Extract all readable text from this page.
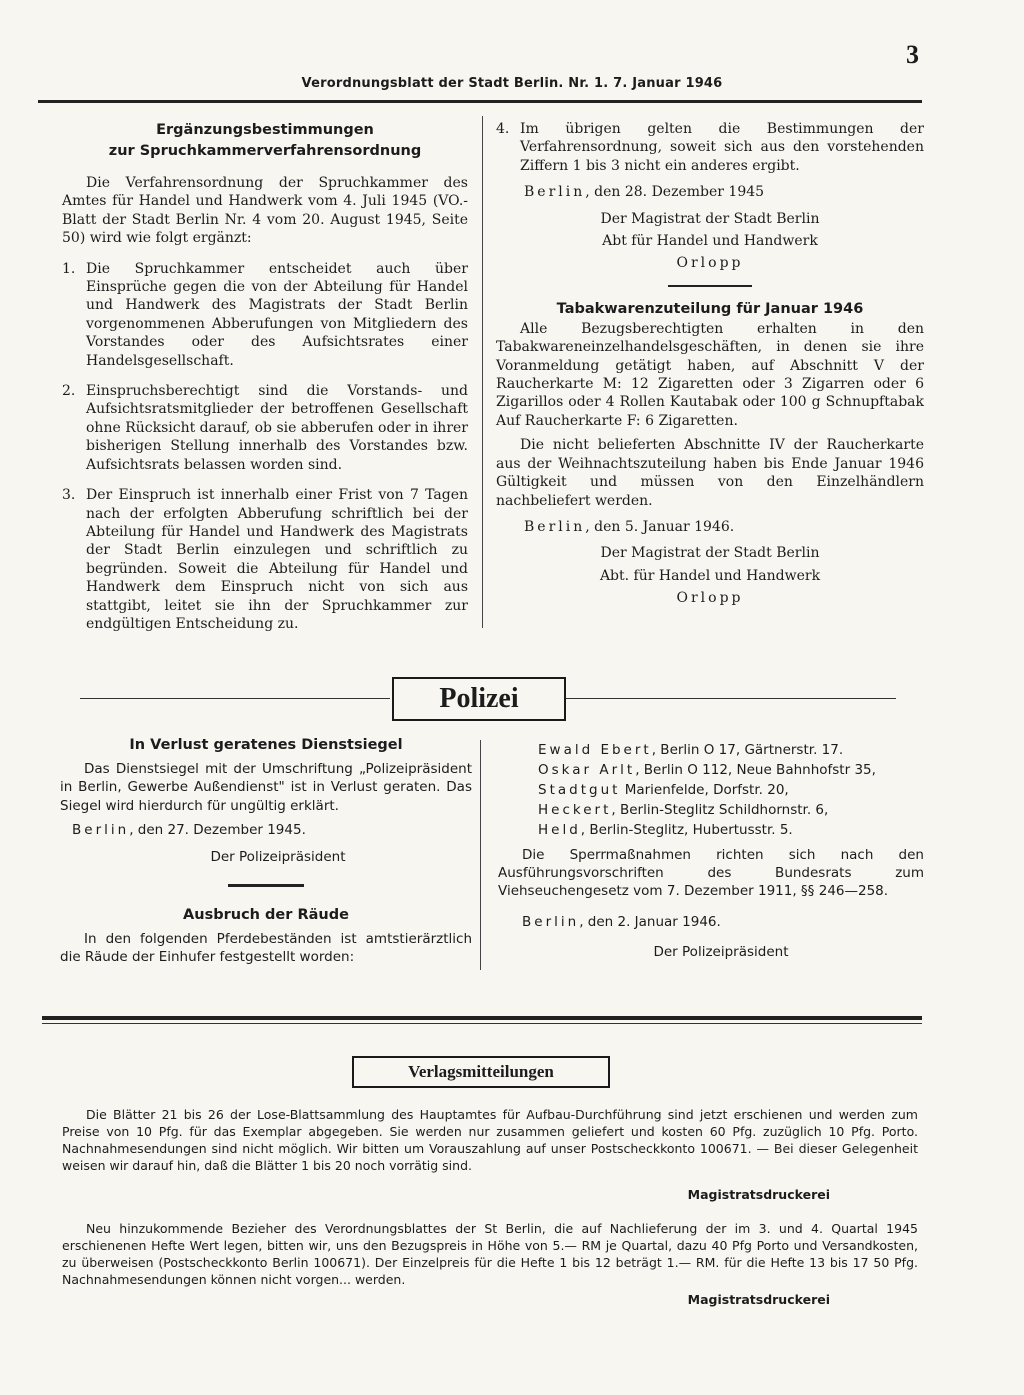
3
Verordnungsblatt der Stadt Berlin. Nr. 1. 7. Januar 1946
Ergänzungsbestimmungen
zur Spruchkammerverfahrensordnung

Die Verfahrensordnung der Spruchkammer des Amtes für Handel und Handwerk vom 4. Juli 1945 (VO.-Blatt der Stadt Berlin Nr. 4 vom 20. August 1945, Seite 50) wird wie folgt ergänzt:

1. Die Spruchkammer entscheidet auch über Einsprüche gegen die von der Abteilung für Handel und Handwerk des Magistrats der Stadt Berlin vorgenommenen Abberufungen von Mitgliedern des Vorstandes oder des Aufsichtsrates einer Handelsgesellschaft.

2. Einspruchsberechtigt sind die Vorstands- und Aufsichtsratsmitglieder der betroffenen Gesellschaft ohne Rücksicht darauf, ob sie abberufen oder in ihrer bisherigen Stellung innerhalb des Vorstandes bzw. Aufsichtsrats belassen worden sind.

3. Der Einspruch ist innerhalb einer Frist von 7 Tagen nach der erfolgten Abberufung schriftlich bei der Abteilung für Handel und Handwerk des Magistrats der Stadt Berlin einzulegen und schriftlich zu begründen. Soweit die Abteilung für Handel und Handwerk dem Einspruch nicht von sich aus stattgibt, leitet sie ihn der Spruchkammer zur endgültigen Entscheidung zu.

4. Im übrigen gelten die Bestimmungen der Verfahrensordnung, soweit sich aus den vorstehenden Ziffern 1 bis 3 nicht ein anderes ergibt.

Berlin, den 28. Dezember 1945

Der Magistrat der Stadt Berlin

Abt für Handel und Handwerk

Orlopp

Tabakwarenzuteilung für Januar 1946

Alle Bezugsberechtigten erhalten in den Tabakwareneinzelhandelsgeschäften, in denen sie ihre Voranmeldung getätigt haben, auf Abschnitt V der Raucherkarte M: 12 Zigaretten oder 3 Zigarren oder 6 Zigarillos oder 4 Rollen Kautabak oder 100 g Schnupftabak Auf Raucherkarte F: 6 Zigaretten.

Die nicht belieferten Abschnitte IV der Raucherkarte aus der Weihnachtszuteilung haben bis Ende Januar 1946 Gültigkeit und müssen von den Einzelhändlern nachbeliefert werden.

Berlin, den 5. Januar 1946.

Der Magistrat der Stadt Berlin

Abt. für Handel und Handwerk

Orlopp

Polizei
In Verlust geratenes Dienstsiegel

Das Dienstsiegel mit der Umschriftung „Polizeipräsident in Berlin, Gewerbe Außendienst" ist in Verlust geraten. Das Siegel wird hierdurch für ungültig erklärt.

Berlin, den 27. Dezember 1945.

Der Polizeipräsident

Ausbruch der Räude

In den folgenden Pferdebeständen ist amtstierärztlich die Räude der Einhufer festgestellt worden:

Ewald Ebert, Berlin O 17, Gärtnerstr. 17.

Oskar Arlt, Berlin O 112, Neue Bahnhofstr 35,

Stadtgut Marienfelde, Dorfstr. 20,

Heckert, Berlin-Steglitz Schildhornstr. 6,

Held, Berlin-Steglitz, Hubertusstr. 5.

Die Sperrmaßnahmen richten sich nach den Ausführungsvorschriften des Bundesrats zum Viehseuchengesetz vom 7. Dezember 1911, §§ 246—258.

Berlin, den 2. Januar 1946.

Der Polizeipräsident

Verlagsmitteilungen

Die Blätter 21 bis 26 der Lose-Blattsammlung des Hauptamtes für Aufbau-Durchführung sind jetzt erschienen und werden zum Preise von 10 Pfg. für das Exemplar abgegeben. Sie werden nur zusammen geliefert und kosten 60 Pfg. zuzüglich 10 Pfg. Porto. Nachnahmesendungen sind nicht möglich. Wir bitten um Vorauszahlung auf unser Postscheckkonto 100671. — Bei dieser Gelegenheit weisen wir darauf hin, daß die Blätter 1 bis 20 noch vorrätig sind.

Magistratsdruckerei

Neu hinzukommende Bezieher des Verordnungsblattes der St Berlin, die auf Nachlieferung der im 3. und 4. Quartal 1945 erschienenen Hefte Wert legen, bitten wir, uns den Bezugspreis in Höhe von 5.— RM je Quartal, dazu 40 Pfg Porto und Versandkosten, zu überweisen (Postscheckkonto Berlin 100671). Der Einzelpreis für die Hefte 1 bis 12 beträgt 1.— RM. für die Hefte 13 bis 17 50 Pfg. Nachnahmesendungen können nicht vorgen... werden.

Magistratsdruckerei
